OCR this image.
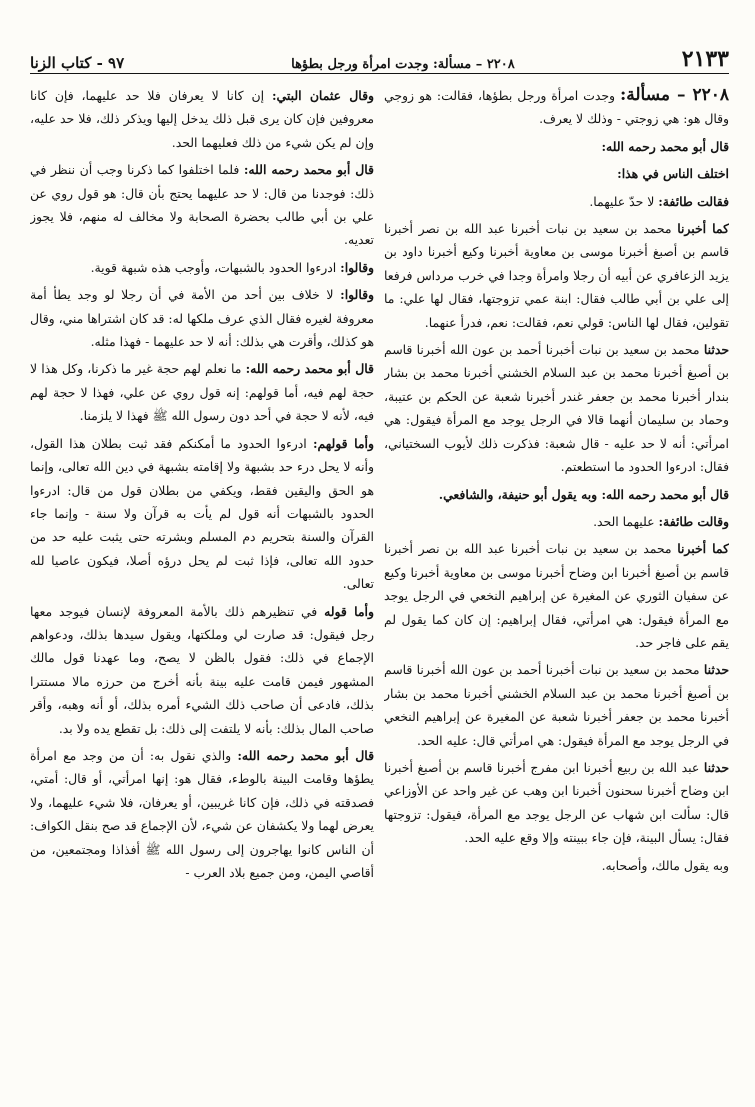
٩٧ - كتاب الزنا	٢٢٠٨ – مسألة: وجدت امرأة ورجل بطؤها	٢١٣٣

٢٢٠٨ – مسألة: وجدت امرأة ورجل بطؤها، فقالت: هو زوجي وقال هو: هي زوجتي - وذلك لا يعرف.

قال أبو محمد رحمه الله:

اختلف الناس في هذا:

فقالت طائفة: لا حدّ عليهما.

كما أخبرنا محمد بن سعيد بن نبات أخبرنا عبد الله بن نصر أخبرنا قاسم بن أصبغ أخبرنا موسى بن معاوية أخبرنا وكيع أخبرنا داود بن يزيد الزعافري عن أبيه أن رجلا وامرأة وجدا في خرب مرداس فرفعا إلى علي بن أبي طالب فقال: ابنة عمي تزوجتها، فقال لها علي: ما تقولين، فقال لها الناس: قولي نعم، فقالت: نعم، فدرأ عنهما.

حدثنا محمد بن سعيد بن نبات أخبرنا أحمد بن عون الله أخبرنا قاسم بن أصبغ أخبرنا محمد بن عبد السلام الخشني أخبرنا محمد بن بشار بندار أخبرنا محمد بن جعفر غندر أخبرنا شعبة عن الحكم بن عتيبة، وحماد بن سليمان أنهما قالا في الرجل يوجد مع المرأة فيقول: هي امرأتي: أنه لا حد عليه - قال شعبة: فذكرت ذلك لأيوب السختياني، فقال: ادرءوا الحدود ما استطعتم.

قال أبو محمد رحمه الله: وبه يقول أبو حنيفة، والشافعي.

وقالت طائفة: عليهما الحد.

كما أخبرنا محمد بن سعيد بن نبات أخبرنا عبد الله بن نصر أخبرنا قاسم بن أصبغ أخبرنا ابن وضاح أخبرنا موسى بن معاوية أخبرنا وكيع عن سفيان الثوري عن المغيرة عن إبراهيم النخعي في الرجل يوجد مع المرأة فيقول: هي امرأتي، فقال إبراهيم: إن كان كما يقول لم يقم على فاجر حد.

حدثنا محمد بن سعيد بن نبات أخبرنا أحمد بن عون الله أخبرنا قاسم بن أصبغ أخبرنا محمد بن عبد السلام الخشني أخبرنا محمد بن بشار أخبرنا محمد بن جعفر أخبرنا شعبة عن المغيرة عن إبراهيم النخعي في الرجل يوجد مع المرأة فيقول: هي امرأتي قال: عليه الحد.

حدثنا عبد الله بن ربيع أخبرنا ابن مفرج أخبرنا قاسم بن أصبغ أخبرنا ابن وضاح أخبرنا سحنون أخبرنا ابن وهب عن غير واحد عن الأوزاعي قال: سألت ابن شهاب عن الرجل يوجد مع المرأة، فيقول: تزوجتها فقال: يسأل البينة، فإن جاء ببينته وإلا وقع عليه الحد.

وبه يقول مالك، وأصحابه.

وقال عثمان البتي: إن كانا لا يعرفان فلا حد عليهما، فإن كانا معروفين فإن كان يرى قبل ذلك يدخل إليها ويذكر ذلك، فلا حد عليه، وإن لم يكن شيء من ذلك فعليهما الحد.

قال أبو محمد رحمه الله: فلما اختلفوا كما ذكرنا وجب أن ننظر في ذلك: فوجدنا من قال: لا حد عليهما يحتج بأن قال: هو قول روي عن علي بن أبي طالب بحضرة الصحابة ولا مخالف له منهم، فلا يجوز تعديه.

وقالوا: ادرءوا الحدود بالشبهات، وأوجب هذه شبهة قوية.

وقالوا: لا خلاف بين أحد من الأمة في أن رجلا لو وجد يطأ أمة معروفة لغيره فقال الذي عرف ملكها له: قد كان اشتراها مني، وقال هو كذلك، وأقرت هي بذلك: أنه لا حد عليهما - فهذا مثله.

قال أبو محمد رحمه الله: ما نعلم لهم حجة غير ما ذكرنا، وكل هذا لا حجة لهم فيه، أما قولهم: إنه قول روي عن علي، فهذا لا حجة لهم فيه، لأنه لا حجة في أحد دون رسول الله ﷺ فهذا لا يلزمنا.

وأما قولهم: ادرءوا الحدود ما أمكنكم فقد ثبت بطلان هذا القول، وأنه لا يحل درء حد بشبهة ولا إقامته بشبهة في دين الله تعالى، وإنما هو الحق واليقين فقط، ويكفي من بطلان قول من قال: ادرءوا الحدود بالشبهات أنه قول لم يأت به قرآن ولا سنة - وإنما جاء القرآن والسنة بتحريم دم المسلم وبشرته حتى يثبت عليه حد من حدود الله تعالى، فإذا ثبت لم يحل درؤه أصلا، فيكون عاصيا لله تعالى.

وأما قوله في تنظيرهم ذلك بالأمة المعروفة لإنسان فيوجد معها رجل فيقول: قد صارت لي وملكتها، ويقول سيدها بذلك، ودعواهم الإجماع في ذلك: فقول بالظن لا يصح، وما عهدنا قول مالك المشهور فيمن قامت عليه بينة بأنه أخرج من حرزه مالا مستترا بذلك، فادعى أن صاحب ذلك الشيء أمره بذلك، أو أنه وهبه، وأقر صاحب المال بذلك: بأنه لا يلتفت إلى ذلك: بل تقطع يده ولا بد.

قال أبو محمد رحمه الله: والذي نقول به: أن من وجد مع امرأة يطؤها وقامت البينة بالوطء، فقال هو: إنها امرأتي، أو قال: أمتي، فصدقته في ذلك، فإن كانا غريبين، أو يعرفان، فلا شيء عليهما، ولا يعرض لهما ولا يكشفان عن شيء، لأن الإجماع قد صح بنقل الكواف: أن الناس كانوا يهاجرون إلى رسول الله ﷺ أفذاذا ومجتمعين، من أقاصي اليمن، ومن جميع بلاد العرب -
